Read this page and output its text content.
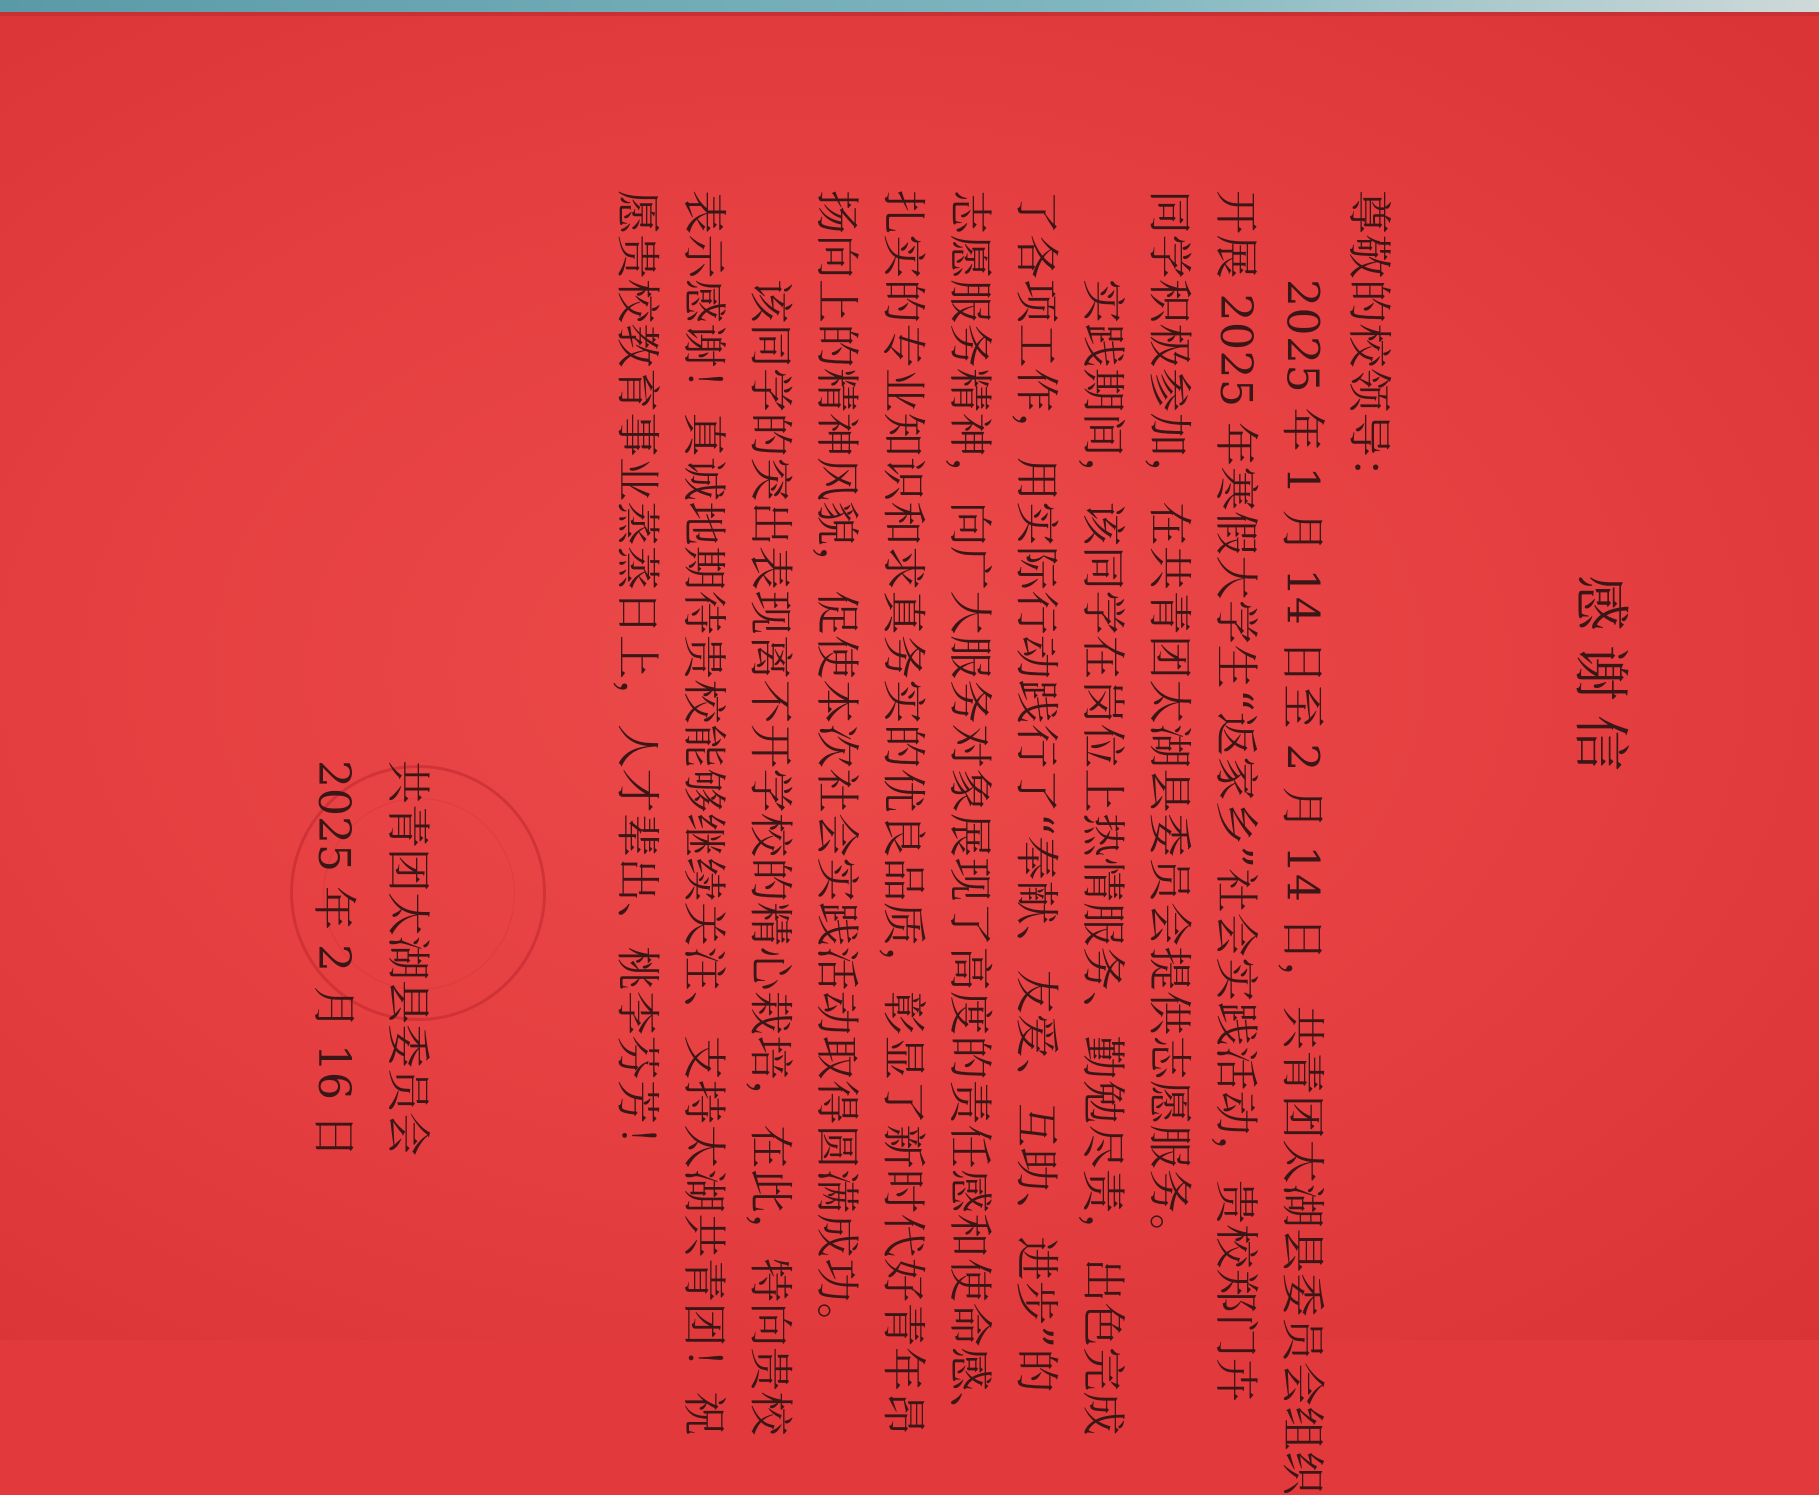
感谢信
尊敬的校领导：
　　2025 年 1 月 14 日至 2 月 14 日，共青团太湖县委员会组织
开展 2025 年寒假大学生“返家乡”社会实践活动，贵校郑门卉
同学积极参加，在共青团太湖县委员会提供志愿服务。
　　实践期间，该同学在岗位上热情服务、勤勉尽责，出色完成
了各项工作，用实际行动践行了“奉献、友爱、互助、进步”的
志愿服务精神，向广大服务对象展现了高度的责任感和使命感、
扎实的专业知识和求真务实的优良品质，彰显了新时代好青年昂
扬向上的精神风貌，促使本次社会实践活动取得圆满成功。
　　该同学的突出表现离不开学校的精心栽培，在此，特向贵校
表示感谢！真诚地期待贵校能够继续关注、支持太湖共青团！祝
愿贵校教育事业蒸蒸日上，人才辈出、桃李芬芳！
共青团太湖县委员会
2025 年 2 月 16 日
